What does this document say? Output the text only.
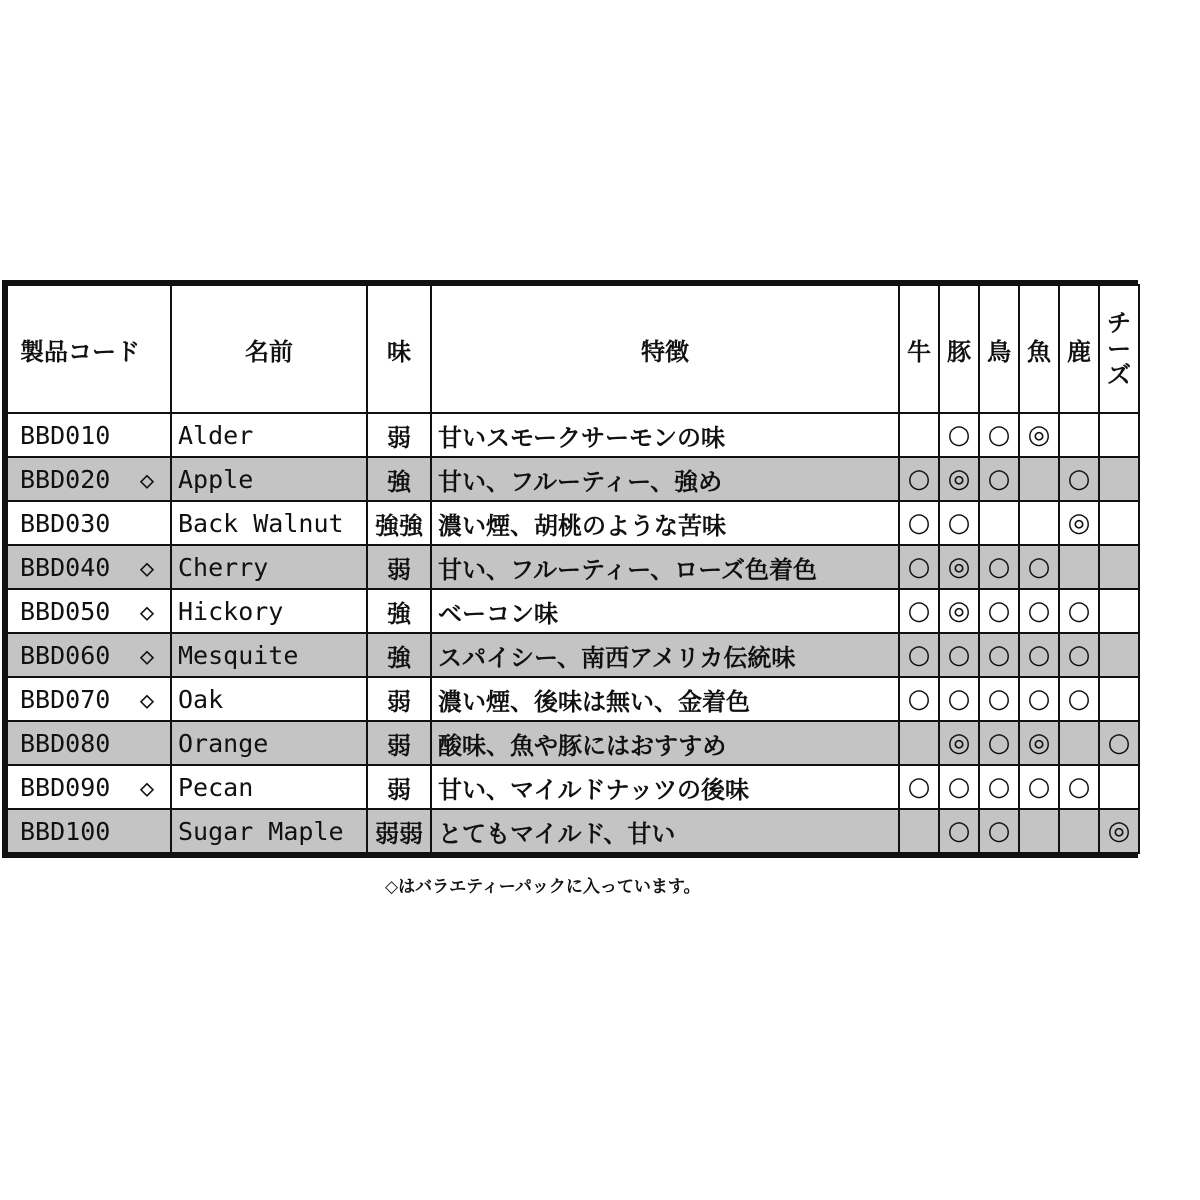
製品コード	名前	味	特徴	牛	豚	鳥	魚	鹿	チ
ー
ズ

BBD010	Alder	弱	甘いスモークサーモンの味		○	○	◎		
BBD020 ◇	Apple	強	甘い、フルーティー、強め	○	◎	○		○	
BBD030	Back Walnut	強強	濃い煙、胡桃のような苦味	○	○			◎	
BBD040 ◇	Cherry	弱	甘い、フルーティー、ローズ色着色	○	◎	○	○		
BBD050 ◇	Hickory	強	ベーコン味	○	◎	○	○	○	
BBD060 ◇	Mesquite	強	スパイシー、南西アメリカ伝統味	○	○	○	○	○	
BBD070 ◇	Oak	弱	濃い煙、後味は無い、金着色	○	○	○	○	○	
BBD080	Orange	弱	酸味、魚や豚にはおすすめ		◎	○	◎		○
BBD090 ◇	Pecan	弱	甘い、マイルドナッツの後味	○	○	○	○	○	
BBD100	Sugar Maple	弱弱	とてもマイルド、甘い		○	○			◎
◇はバラエティーパックに入っています。
